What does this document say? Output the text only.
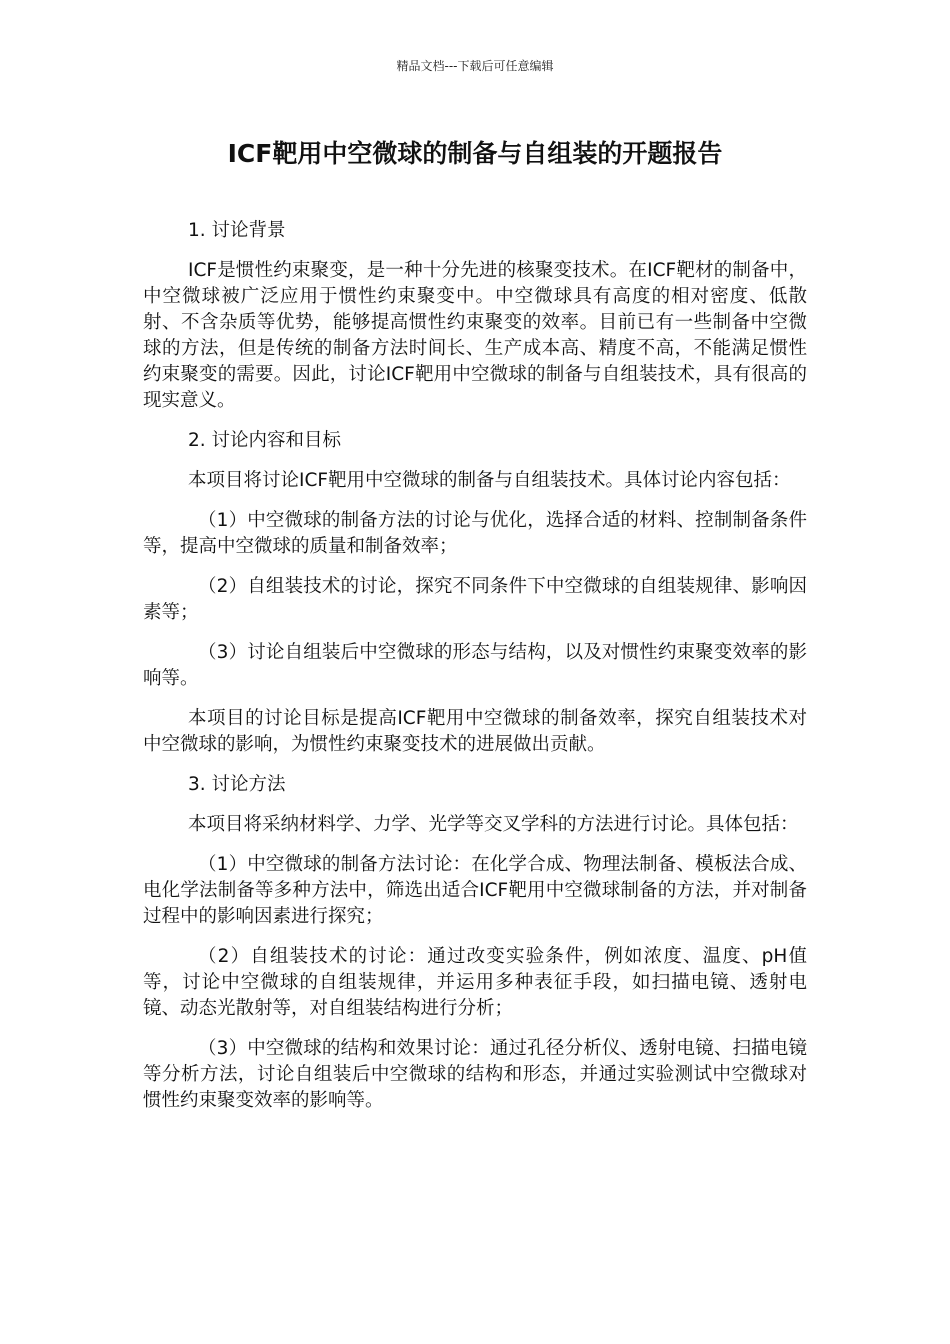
精品文档---下载后可任意编辑
ICF靶用中空微球的制备与自组装的开题报告
1. 讨论背景

ICF是惯性约束聚变，是一种十分先进的核聚变技术。在ICF靶材的制备中，中空微球被广泛应用于惯性约束聚变中。中空微球具有高度的相对密度、低散射、不含杂质等优势，能够提高惯性约束聚变的效率。目前已有一些制备中空微球的方法，但是传统的制备方法时间长、生产成本高、精度不高，不能满足惯性约束聚变的需要。因此，讨论ICF靶用中空微球的制备与自组装技术，具有很高的现实意义。

2. 讨论内容和目标

本项目将讨论ICF靶用中空微球的制备与自组装技术。具体讨论内容包括：

（1）中空微球的制备方法的讨论与优化，选择合适的材料、控制制备条件等，提高中空微球的质量和制备效率；

（2）自组装技术的讨论，探究不同条件下中空微球的自组装规律、影响因素等；

（3）讨论自组装后中空微球的形态与结构，以及对惯性约束聚变效率的影响等。

本项目的讨论目标是提高ICF靶用中空微球的制备效率，探究自组装技术对中空微球的影响，为惯性约束聚变技术的进展做出贡献。

3. 讨论方法

本项目将采纳材料学、力学、光学等交叉学科的方法进行讨论。具体包括：

（1）中空微球的制备方法讨论：在化学合成、物理法制备、模板法合成、电化学法制备等多种方法中，筛选出适合ICF靶用中空微球制备的方法，并对制备过程中的影响因素进行探究；

（2）自组装技术的讨论：通过改变实验条件，例如浓度、温度、pH值等，讨论中空微球的自组装规律，并运用多种表征手段，如扫描电镜、透射电镜、动态光散射等，对自组装结构进行分析；

（3）中空微球的结构和效果讨论：通过孔径分析仪、透射电镜、扫描电镜等分析方法，讨论自组装后中空微球的结构和形态，并通过实验测试中空微球对惯性约束聚变效率的影响等。
